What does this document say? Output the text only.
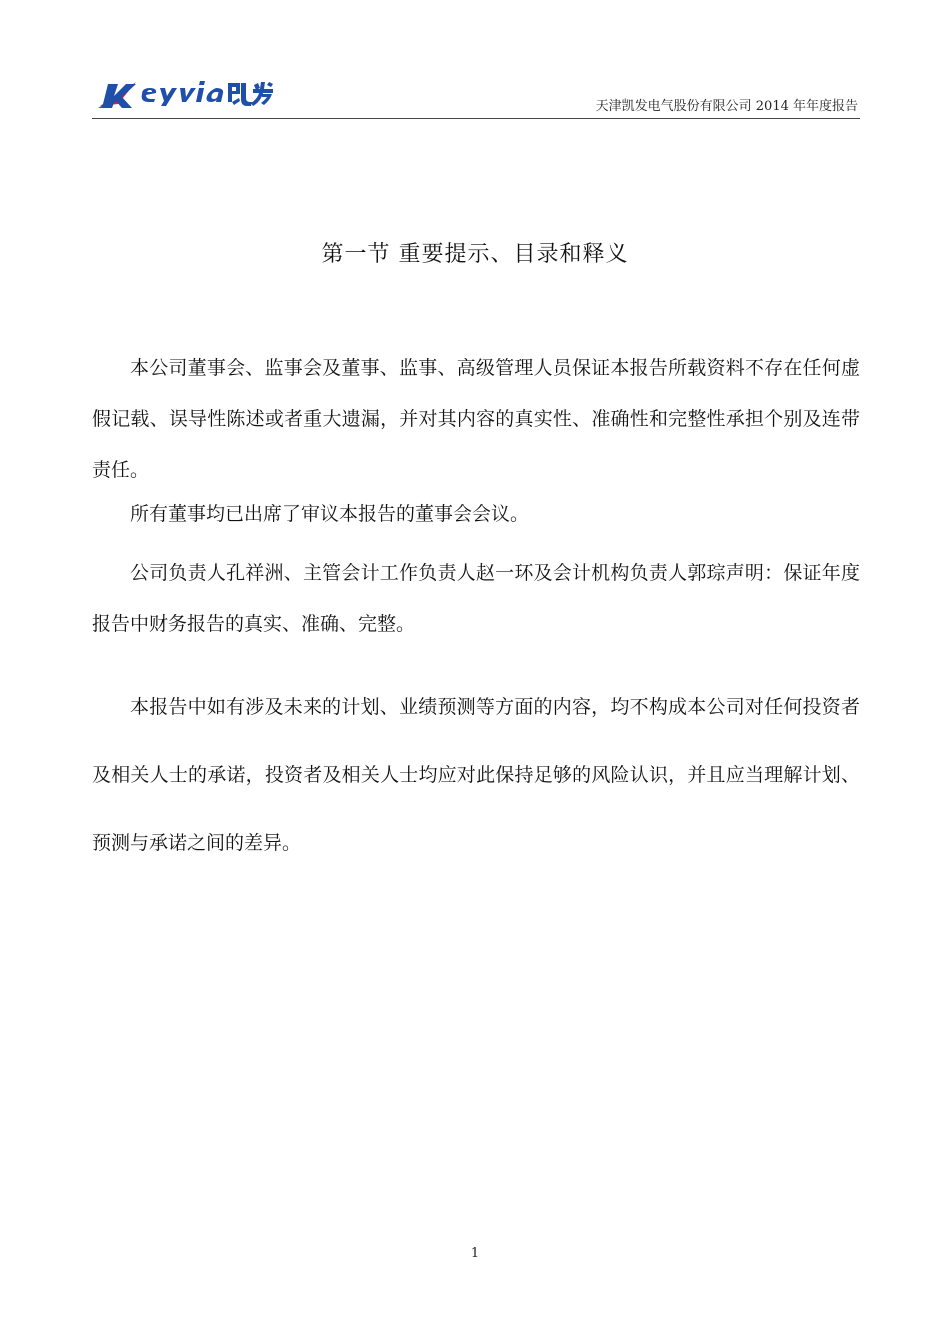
天津凯发电气股份有限公司 2014 年年度报告
第一节 重要提示、目录和释义

本公司董事会、监事会及董事、监事、高级管理人员保证本报告所载资料不存在任何虚假记载、误导性陈述或者重大遗漏，并对其内容的真实性、准确性和完整性承担个别及连带责任。

所有董事均已出席了审议本报告的董事会会议。

公司负责人孔祥洲、主管会计工作负责人赵一环及会计机构负责人郭琮声明：保证年度报告中财务报告的真实、准确、完整。

本报告中如有涉及未来的计划、业绩预测等方面的内容，均不构成本公司对任何投资者及相关人士的承诺，投资者及相关人士均应对此保持足够的风险认识，并且应当理解计划、预测与承诺之间的差异。

1
